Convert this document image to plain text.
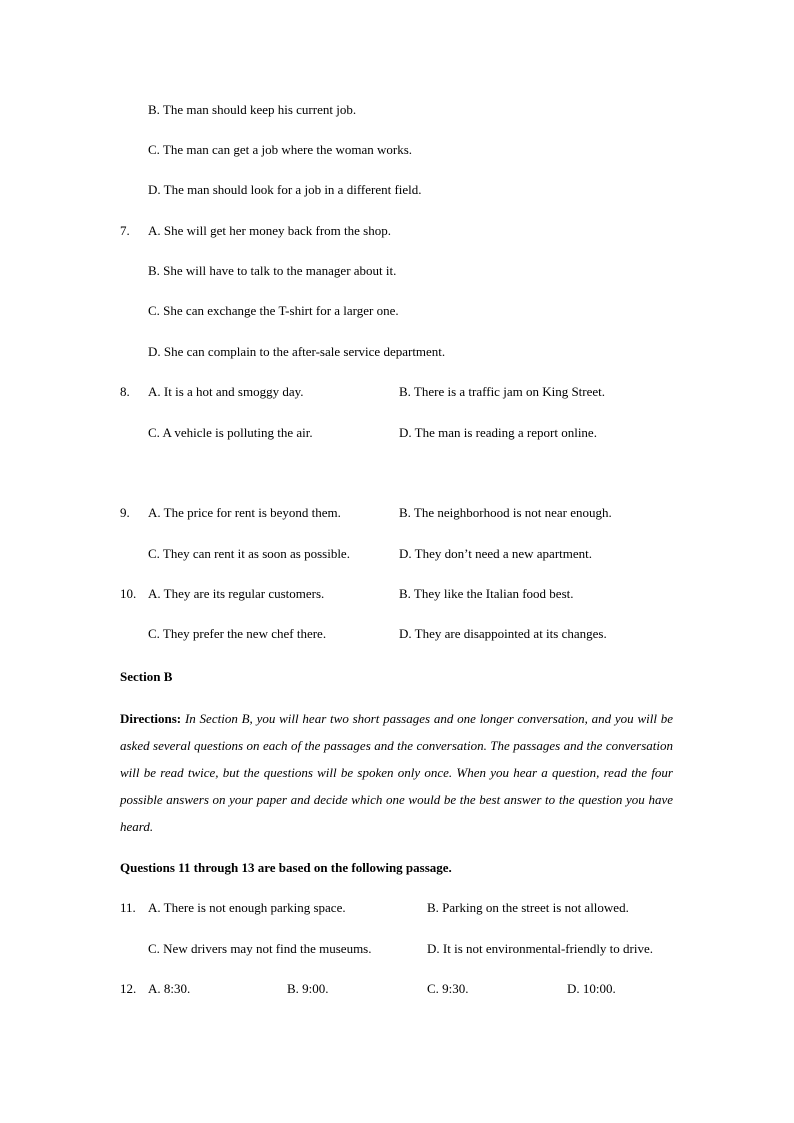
B. The man should keep his current job.
C. The man can get a job where the woman works.
D. The man should look for a job in a different field.
7. A. She will get her money back from the shop.
B. She will have to talk to the manager about it.
C. She can exchange the T-shirt for a larger one.
D. She can complain to the after-sale service department.
8. A. It is a hot and smoggy day.	B. There is a traffic jam on King Street.
C. A vehicle is polluting the air.	D. The man is reading a report online.
9. A. The price for rent is beyond them.	B. The neighborhood is not near enough.
C. They can rent it as soon as possible.	D. They don’t need a new apartment.
10. A. They are its regular customers.	B. They like the Italian food best.
C. They prefer the new chef there.	D. They are disappointed at its changes.
Section B
Directions: In Section B, you will hear two short passages and one longer conversation, and you will be asked several questions on each of the passages and the conversation. The passages and the conversation will be read twice, but the questions will be spoken only once. When you hear a question, read the four possible answers on your paper and decide which one would be the best answer to the question you have heard.
Questions 11 through 13 are based on the following passage.
11. A. There is not enough parking space.	B. Parking on the street is not allowed.
C. New drivers may not find the museums.	D. It is not environmental-friendly to drive.
12. A. 8:30.	B. 9:00.	C. 9:30.	D. 10:00.
